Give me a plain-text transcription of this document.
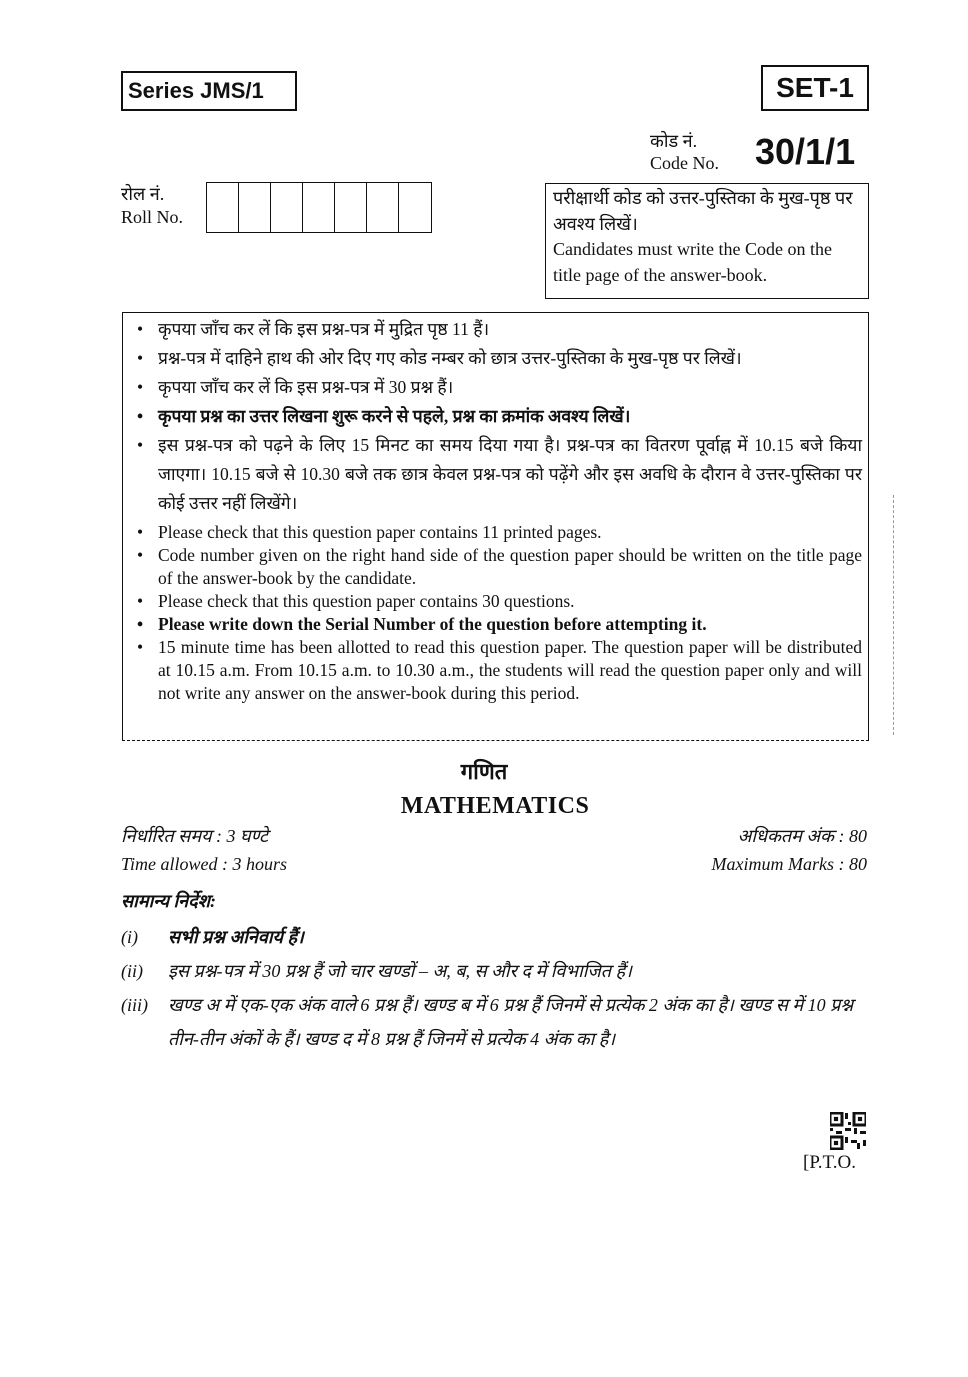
Series JMS/1	SET-1
कोड नं.
Code No. 30/1/1
रोल नं.
Roll No.
परीक्षार्थी कोड को उत्तर-पुस्तिका के मुख-पृष्ठ पर अवश्य लिखें।
Candidates must write the Code on the title page of the answer-book.
• कृपया जाँच कर लें कि इस प्रश्न-पत्र में मुद्रित पृष्ठ 11 हैं।
• प्रश्न-पत्र में दाहिने हाथ की ओर दिए गए कोड नम्बर को छात्र उत्तर-पुस्तिका के मुख-पृष्ठ पर लिखें।
• कृपया जाँच कर लें कि इस प्रश्न-पत्र में 30 प्रश्न हैं।
• कृपया प्रश्न का उत्तर लिखना शुरू करने से पहले, प्रश्न का क्रमांक अवश्य लिखें।
• इस प्रश्न-पत्र को पढ़ने के लिए 15 मिनट का समय दिया गया है। प्रश्न-पत्र का वितरण पूर्वाह्न में 10.15 बजे किया जाएगा। 10.15 बजे से 10.30 बजे तक छात्र केवल प्रश्न-पत्र को पढ़ेंगे और इस अवधि के दौरान वे उत्तर-पुस्तिका पर कोई उत्तर नहीं लिखेंगे।
• Please check that this question paper contains 11 printed pages.
• Code number given on the right hand side of the question paper should be written on the title page of the answer-book by the candidate.
• Please check that this question paper contains 30 questions.
• Please write down the Serial Number of the question before attempting it.
• 15 minute time has been allotted to read this question paper. The question paper will be distributed at 10.15 a.m. From 10.15 a.m. to 10.30 a.m., the students will read the question paper only and will not write any answer on the answer-book during this period.
गणित
MATHEMATICS
निर्धारित समय : 3 घण्टे
Time allowed : 3 hours
अधिकतम अंक : 80
Maximum Marks : 80
सामान्य निर्देश:
(i)	सभी प्रश्न अनिवार्य हैं।
(ii)	इस प्रश्न-पत्र में 30 प्रश्न हैं जो चार खण्डों – अ, ब, स और द में विभाजित हैं।
(iii)	खण्ड अ में एक-एक अंक वाले 6 प्रश्न हैं। खण्ड ब में 6 प्रश्न हैं जिनमें से प्रत्येक 2 अंक का है। खण्ड स में 10 प्रश्न तीन-तीन अंकों के हैं। खण्ड द में 8 प्रश्न हैं जिनमें से प्रत्येक 4 अंक का है।
[P.T.O.
